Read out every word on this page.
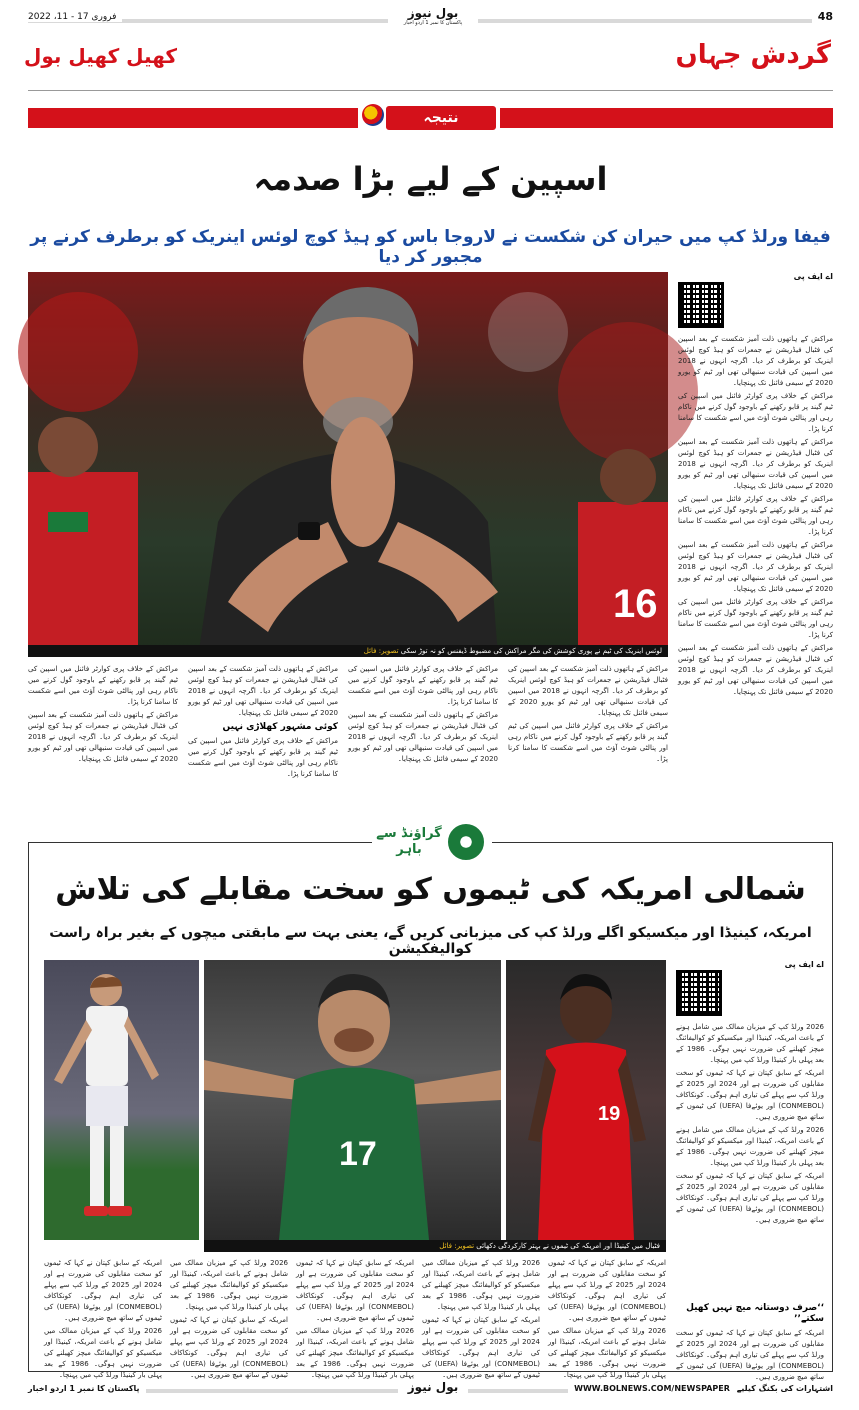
2022 ،فروری 17 - 11	بول نیوز
پاکستان کا نمبر 1 اردو اخبار	48
کھیل کھیل بول	گردش جہاں
نتیجہ
اسپین کے لیے بڑا صدمہ
فیفا ورلڈ کپ میں حیران کن شکست نے لاروجا باس کو ہیڈ کوچ لوئس اینریک کو برطرف کرنے پر مجبور کر دیا
16
لوئس اینریک کی ٹیم نے پوری کوشش کی مگر مراکش کی مضبوط ڈیفنس کو نہ توڑ سکی تصویر: فائل
اے ایف پی

مراکش کے ہاتھوں ذلت آمیز شکست کے بعد اسپین کی فٹبال فیڈریشن نے جمعرات کو ہیڈ کوچ لوئس اینریک کو برطرف کر دیا۔ اگرچہ انہوں نے 2018 میں اسپین کی قیادت سنبھالی تھی اور ٹیم کو یورو 2020 کے سیمی فائنل تک پہنچایا۔

مراکش کے خلاف پری کوارٹر فائنل میں اسپین کی ٹیم گیند پر قابو رکھنے کے باوجود گول کرنے میں ناکام رہی اور پنالٹی شوٹ آؤٹ میں اسے شکست کا سامنا کرنا پڑا۔

مراکش کے ہاتھوں ذلت آمیز شکست کے بعد اسپین کی فٹبال فیڈریشن نے جمعرات کو ہیڈ کوچ لوئس اینریک کو برطرف کر دیا۔ اگرچہ انہوں نے 2018 میں اسپین کی قیادت سنبھالی تھی اور ٹیم کو یورو 2020 کے سیمی فائنل تک پہنچایا۔

مراکش کے خلاف پری کوارٹر فائنل میں اسپین کی ٹیم گیند پر قابو رکھنے کے باوجود گول کرنے میں ناکام رہی اور پنالٹی شوٹ آؤٹ میں اسے شکست کا سامنا کرنا پڑا۔

مراکش کے ہاتھوں ذلت آمیز شکست کے بعد اسپین کی فٹبال فیڈریشن نے جمعرات کو ہیڈ کوچ لوئس اینریک کو برطرف کر دیا۔ اگرچہ انہوں نے 2018 میں اسپین کی قیادت سنبھالی تھی اور ٹیم کو یورو 2020 کے سیمی فائنل تک پہنچایا۔

مراکش کے خلاف پری کوارٹر فائنل میں اسپین کی ٹیم گیند پر قابو رکھنے کے باوجود گول کرنے میں ناکام رہی اور پنالٹی شوٹ آؤٹ میں اسے شکست کا سامنا کرنا پڑا۔

مراکش کے ہاتھوں ذلت آمیز شکست کے بعد اسپین کی فٹبال فیڈریشن نے جمعرات کو ہیڈ کوچ لوئس اینریک کو برطرف کر دیا۔ اگرچہ انہوں نے 2018 میں اسپین کی قیادت سنبھالی تھی اور ٹیم کو یورو 2020 کے سیمی فائنل تک پہنچایا۔

مراکش کے خلاف پری کوارٹر فائنل میں اسپین کی ٹیم گیند پر قابو رکھنے کے باوجود گول کرنے میں ناکام رہی اور پنالٹی شوٹ آؤٹ میں اسے شکست کا سامنا کرنا پڑا۔

مراکش کے ہاتھوں ذلت آمیز شکست کے بعد اسپین کی فٹبال فیڈریشن نے جمعرات کو ہیڈ کوچ لوئس اینریک کو برطرف کر دیا۔ اگرچہ انہوں نے 2018 میں اسپین کی قیادت سنبھالی تھی اور ٹیم کو یورو 2020 کے سیمی فائنل تک پہنچایا۔

مراکش کے ہاتھوں ذلت آمیز شکست کے بعد اسپین کی فٹبال فیڈریشن نے جمعرات کو ہیڈ کوچ لوئس اینریک کو برطرف کر دیا۔ اگرچہ انہوں نے 2018 میں اسپین کی قیادت سنبھالی تھی اور ٹیم کو یورو 2020 کے سیمی فائنل تک پہنچایا۔

کوئی مشہور کھلاڑی نہیں

مراکش کے خلاف پری کوارٹر فائنل میں اسپین کی ٹیم گیند پر قابو رکھنے کے باوجود گول کرنے میں ناکام رہی اور پنالٹی شوٹ آؤٹ میں اسے شکست کا سامنا کرنا پڑا۔

مراکش کے خلاف پری کوارٹر فائنل میں اسپین کی ٹیم گیند پر قابو رکھنے کے باوجود گول کرنے میں ناکام رہی اور پنالٹی شوٹ آؤٹ میں اسے شکست کا سامنا کرنا پڑا۔

مراکش کے ہاتھوں ذلت آمیز شکست کے بعد اسپین کی فٹبال فیڈریشن نے جمعرات کو ہیڈ کوچ لوئس اینریک کو برطرف کر دیا۔ اگرچہ انہوں نے 2018 میں اسپین کی قیادت سنبھالی تھی اور ٹیم کو یورو 2020 کے سیمی فائنل تک پہنچایا۔

مراکش کے ہاتھوں ذلت آمیز شکست کے بعد اسپین کی فٹبال فیڈریشن نے جمعرات کو ہیڈ کوچ لوئس اینریک کو برطرف کر دیا۔ اگرچہ انہوں نے 2018 میں اسپین کی قیادت سنبھالی تھی اور ٹیم کو یورو 2020 کے سیمی فائنل تک پہنچایا۔

مراکش کے خلاف پری کوارٹر فائنل میں اسپین کی ٹیم گیند پر قابو رکھنے کے باوجود گول کرنے میں ناکام رہی اور پنالٹی شوٹ آؤٹ میں اسے شکست کا سامنا کرنا پڑا۔

گراؤنڈ سے باہر
شمالی امریکہ کی ٹیموں کو سخت مقابلے کی تلاش
امریکہ، کینیڈا اور میکسیکو اگلے ورلڈ کپ کی میزبانی کریں گے، یعنی بہت سے مابقتی میچوں کے بغیر براہ راست کوالیفکیشن
17
19
فٹبال میں کینیڈا اور امریکہ کی ٹیموں نے بہتر کارکردگی دکھائی تصویر: فائل
اے ایف پی

2026 ورلڈ کپ کے میزبان ممالک میں شامل ہونے کے باعث امریکہ، کینیڈا اور میکسیکو کو کوالیفائنگ میچز کھیلنے کی ضرورت نہیں ہوگی۔ 1986 کے بعد پہلی بار کینیڈا ورلڈ کپ میں پہنچا۔

امریکہ کے سابق کپتان نے کہا کہ ٹیموں کو سخت مقابلوں کی ضرورت ہے اور 2024 اور 2025 کے ورلڈ کپ سے پہلے کی تیاری اہم ہوگی۔ کونکاکاف (CONMEBOL) اور یوئےفا (UEFA) کی ٹیموں کے ساتھ میچ ضروری ہیں۔

2026 ورلڈ کپ کے میزبان ممالک میں شامل ہونے کے باعث امریکہ، کینیڈا اور میکسیکو کو کوالیفائنگ میچز کھیلنے کی ضرورت نہیں ہوگی۔ 1986 کے بعد پہلی بار کینیڈا ورلڈ کپ میں پہنچا۔

امریکہ کے سابق کپتان نے کہا کہ ٹیموں کو سخت مقابلوں کی ضرورت ہے اور 2024 اور 2025 کے ورلڈ کپ سے پہلے کی تیاری اہم ہوگی۔ کونکاکاف (CONMEBOL) اور یوئےفا (UEFA) کی ٹیموں کے ساتھ میچ ضروری ہیں۔

‘‘صرف دوستانہ میچ نہیں کھیل سکتے’’

امریکہ کے سابق کپتان نے کہا کہ ٹیموں کو سخت مقابلوں کی ضرورت ہے اور 2024 اور 2025 کے ورلڈ کپ سے پہلے کی تیاری اہم ہوگی۔ کونکاکاف (CONMEBOL) اور یوئےفا (UEFA) کی ٹیموں کے ساتھ میچ ضروری ہیں۔

امریکہ کے سابق کپتان نے کہا کہ ٹیموں کو سخت مقابلوں کی ضرورت ہے اور 2024 اور 2025 کے ورلڈ کپ سے پہلے کی تیاری اہم ہوگی۔ کونکاکاف (CONMEBOL) اور یوئےفا (UEFA) کی ٹیموں کے ساتھ میچ ضروری ہیں۔

2026 ورلڈ کپ کے میزبان ممالک میں شامل ہونے کے باعث امریکہ، کینیڈا اور میکسیکو کو کوالیفائنگ میچز کھیلنے کی ضرورت نہیں ہوگی۔ 1986 کے بعد پہلی بار کینیڈا ورلڈ کپ میں پہنچا۔

2026 ورلڈ کپ کے میزبان ممالک میں شامل ہونے کے باعث امریکہ، کینیڈا اور میکسیکو کو کوالیفائنگ میچز کھیلنے کی ضرورت نہیں ہوگی۔ 1986 کے بعد پہلی بار کینیڈا ورلڈ کپ میں پہنچا۔

امریکہ کے سابق کپتان نے کہا کہ ٹیموں کو سخت مقابلوں کی ضرورت ہے اور 2024 اور 2025 کے ورلڈ کپ سے پہلے کی تیاری اہم ہوگی۔ کونکاکاف (CONMEBOL) اور یوئےفا (UEFA) کی ٹیموں کے ساتھ میچ ضروری ہیں۔

امریکہ کے سابق کپتان نے کہا کہ ٹیموں کو سخت مقابلوں کی ضرورت ہے اور 2024 اور 2025 کے ورلڈ کپ سے پہلے کی تیاری اہم ہوگی۔ کونکاکاف (CONMEBOL) اور یوئےفا (UEFA) کی ٹیموں کے ساتھ میچ ضروری ہیں۔

2026 ورلڈ کپ کے میزبان ممالک میں شامل ہونے کے باعث امریکہ، کینیڈا اور میکسیکو کو کوالیفائنگ میچز کھیلنے کی ضرورت نہیں ہوگی۔ 1986 کے بعد پہلی بار کینیڈا ورلڈ کپ میں پہنچا۔

2026 ورلڈ کپ کے میزبان ممالک میں شامل ہونے کے باعث امریکہ، کینیڈا اور میکسیکو کو کوالیفائنگ میچز کھیلنے کی ضرورت نہیں ہوگی۔ 1986 کے بعد پہلی بار کینیڈا ورلڈ کپ میں پہنچا۔

امریکہ کے سابق کپتان نے کہا کہ ٹیموں کو سخت مقابلوں کی ضرورت ہے اور 2024 اور 2025 کے ورلڈ کپ سے پہلے کی تیاری اہم ہوگی۔ کونکاکاف (CONMEBOL) اور یوئےفا (UEFA) کی ٹیموں کے ساتھ میچ ضروری ہیں۔

امریکہ کے سابق کپتان نے کہا کہ ٹیموں کو سخت مقابلوں کی ضرورت ہے اور 2024 اور 2025 کے ورلڈ کپ سے پہلے کی تیاری اہم ہوگی۔ کونکاکاف (CONMEBOL) اور یوئےفا (UEFA) کی ٹیموں کے ساتھ میچ ضروری ہیں۔

2026 ورلڈ کپ کے میزبان ممالک میں شامل ہونے کے باعث امریکہ، کینیڈا اور میکسیکو کو کوالیفائنگ میچز کھیلنے کی ضرورت نہیں ہوگی۔ 1986 کے بعد پہلی بار کینیڈا ورلڈ کپ میں پہنچا۔

پاکستان کا نمبر 1 اردو اخبار	بول نیوز	WWW.BOLNEWS.COM/NEWSPAPER اشتہارات کی بکنگ کیلیے
